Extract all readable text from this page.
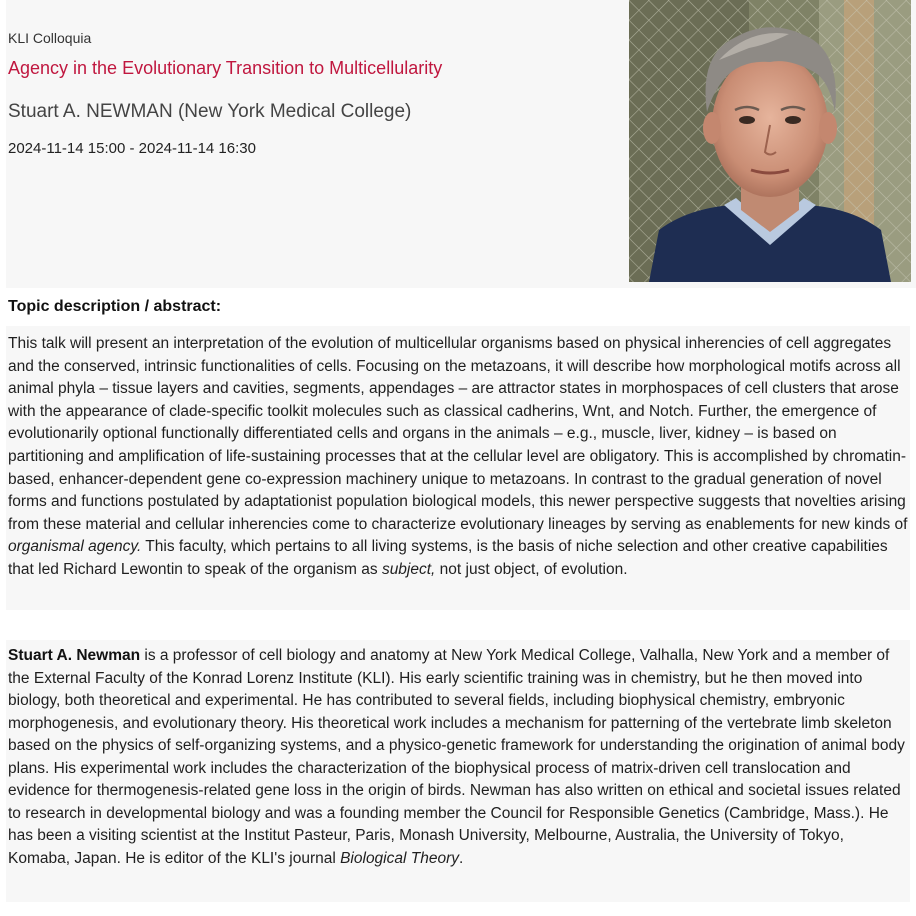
KLI Colloquia
Agency in the Evolutionary Transition to Multicellularity
Stuart A. NEWMAN (New York Medical College)
2024-11-14 15:00 - 2024-11-14 16:30
Topic description / abstract:
This talk will present an interpretation of the evolution of multicellular organisms based on physical inherencies of cell aggregates and the conserved, intrinsic functionalities of cells. Focusing on the metazoans, it will describe how morphological motifs across all animal phyla – tissue layers and cavities, segments, appendages – are attractor states in morphospaces of cell clusters that arose with the appearance of clade-specific toolkit molecules such as classical cadherins, Wnt, and Notch. Further, the emergence of evolutionarily optional functionally differentiated cells and organs in the animals – e.g., muscle, liver, kidney – is based on partitioning and amplification of life-sustaining processes that at the cellular level are obligatory. This is accomplished by chromatin-based, enhancer-dependent gene co-expression machinery unique to metazoans. In contrast to the gradual generation of novel forms and functions postulated by adaptationist population biological models, this newer perspective suggests that novelties arising from these material and cellular inherencies come to characterize evolutionary lineages by serving as enablements for new kinds of organismal agency. This faculty, which pertains to all living systems, is the basis of niche selection and other creative capabilities that led Richard Lewontin to speak of the organism as subject, not just object, of evolution.
Stuart A. Newman is a professor of cell biology and anatomy at New York Medical College, Valhalla, New York and a member of the External Faculty of the Konrad Lorenz Institute (KLI). His early scientific training was in chemistry, but he then moved into biology, both theoretical and experimental. He has contributed to several fields, including biophysical chemistry, embryonic morphogenesis, and evolutionary theory. His theoretical work includes a mechanism for patterning of the vertebrate limb skeleton based on the physics of self-organizing systems, and a physico-genetic framework for understanding the origination of animal body plans. His experimental work includes the characterization of the biophysical process of matrix-driven cell translocation and evidence for thermogenesis-related gene loss in the origin of birds. Newman has also written on ethical and societal issues related to research in developmental biology and was a founding member the Council for Responsible Genetics (Cambridge, Mass.). He has been a visiting scientist at the Institut Pasteur, Paris, Monash University, Melbourne, Australia, the University of Tokyo, Komaba, Japan. He is editor of the KLI's journal Biological Theory.
